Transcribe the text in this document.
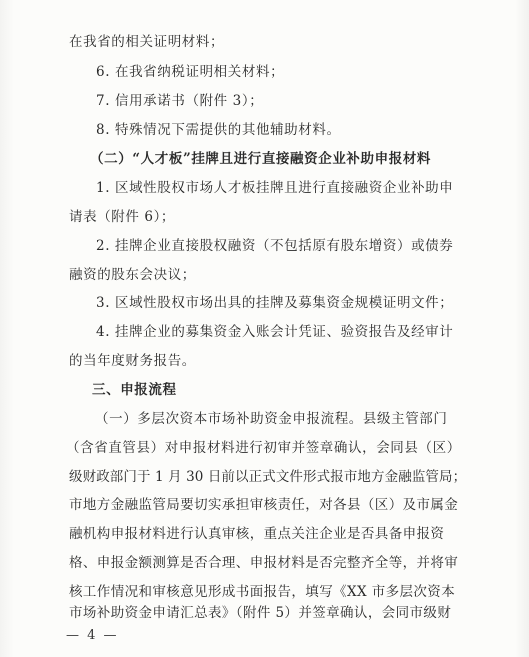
在我省的相关证明材料；
6. 在我省纳税证明相关材料；
7. 信用承诺书（附件 3）；
8. 特殊情况下需提供的其他辅助材料。
（二）“人才板”挂牌且进行直接融资企业补助申报材料
1. 区域性股权市场人才板挂牌且进行直接融资企业补助申
请表（附件 6）；
2. 挂牌企业直接股权融资（不包括原有股东增资）或债券
融资的股东会决议；
3. 区域性股权市场出具的挂牌及募集资金规模证明文件；
4. 挂牌企业的募集资金入账会计凭证、验资报告及经审计
的当年度财务报告。
三、申报流程
（一）多层次资本市场补助资金申报流程。县级主管部门
（含省直管县）对申报材料进行初审并签章确认，会同县（区）
级财政部门于 1 月 30 日前以正式文件形式报市地方金融监管局；
市地方金融监管局要切实承担审核责任，对各县（区）及市属金
融机构申报材料进行认真审核，重点关注企业是否具备申报资
格、申报金额测算是否合理、申报材料是否完整齐全等，并将审
核工作情况和审核意见形成书面报告，填写《XX 市多层次资本
市场补助资金申请汇总表》（附件 5）并签章确认，会同市级财
— 4 —
